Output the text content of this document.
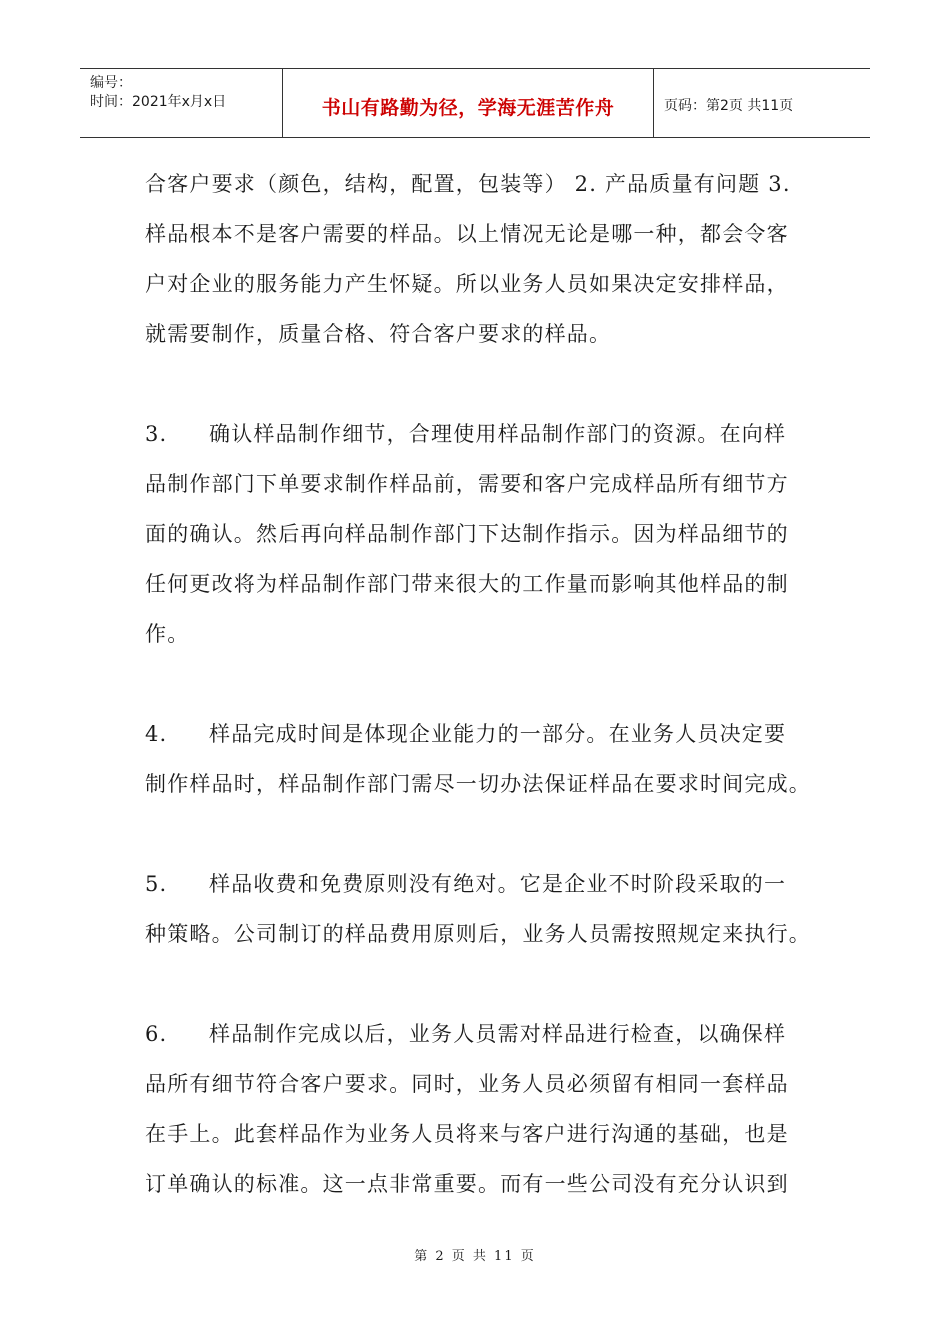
编号：
时间：2021年x月x日	书山有路勤为径，学海无涯苦作舟	页码：第2页 共11页
合客户要求（颜色，结构，配置，包装等） 2. 产品质量有问题 3.
样品根本不是客户需要的样品。以上情况无论是哪一种，都会令客
户对企业的服务能力产生怀疑。所以业务人员如果决定安排样品，
就需要制作，质量合格、符合客户要求的样品。
3. 确认样品制作细节，合理使用样品制作部门的资源。在向样
品制作部门下单要求制作样品前，需要和客户完成样品所有细节方
面的确认。然后再向样品制作部门下达制作指示。因为样品细节的
任何更改将为样品制作部门带来很大的工作量而影响其他样品的制
作。
4. 样品完成时间是体现企业能力的一部分。在业务人员决定要
制作样品时，样品制作部门需尽一切办法保证样品在要求时间完成。
5. 样品收费和免费原则没有绝对。它是企业不时阶段采取的一
种策略。公司制订的样品费用原则后，业务人员需按照规定来执行。
6. 样品制作完成以后，业务人员需对样品进行检查，以确保样
品所有细节符合客户要求。同时，业务人员必须留有相同一套样品
在手上。此套样品作为业务人员将来与客户进行沟通的基础，也是
订单确认的标准。这一点非常重要。而有一些公司没有充分认识到
第 2 页 共 11 页
